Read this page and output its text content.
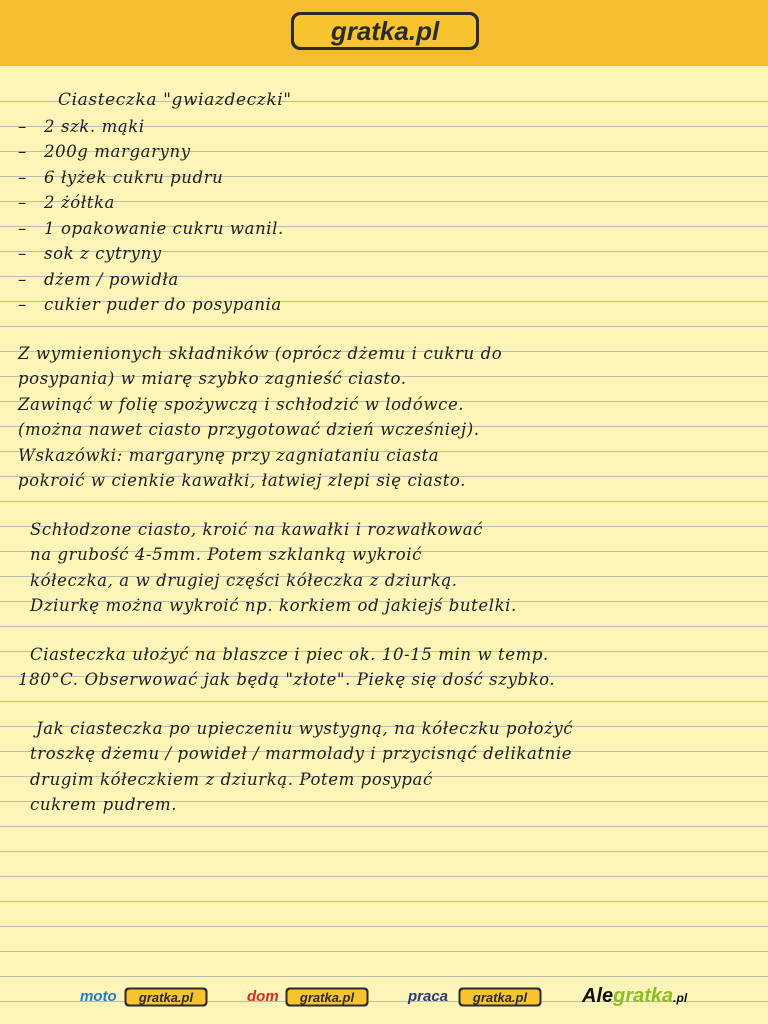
gratka.pl
Ciasteczka "gwiazdeczki"
– 2 szk. mąki
– 200g margaryny
– 6 łyżek cukru pudru
– 2 żółtka
– 1 opakowanie cukru wanil.
– sok z cytryny
– dżem / powidła
– cukier puder do posypania
Z wymienionych składników (oprócz dżemu i cukru do
posypania) w miarę szybko zagnieść ciasto.
Zawinąć w folię spożywczą i schłodzić w lodówce.
(można nawet ciasto przygotować dzień wcześniej).
Wskazówki: margarynę przy zagniataniu ciasta
pokroić w cienkie kawałki, łatwiej zlepi się ciasto.
Schłodzone ciasto, kroić na kawałki i rozwałkować
na grubość 4-5mm. Potem szklanką wykroić
kółeczka, a w drugiej części kółeczka z dziurką.
Dziurkę można wykroić np. korkiem od jakiejś butelki.
Ciasteczka ułożyć na blaszce i piec ok. 10-15 min w temp.
180°C. Obserwować jak będą "złote". Piekę się dość szybko.
Jak ciasteczka po upieczeniu wystygną, na kółeczku położyć
troszkę dżemu / powideł / marmolady i przycisnąć delikatnie
drugim kółeczkiem z dziurką. Potem posypać
cukrem pudrem.
moto gratka.pl	dom gratka.pl	praca gratka.pl	Alegratka.pl
